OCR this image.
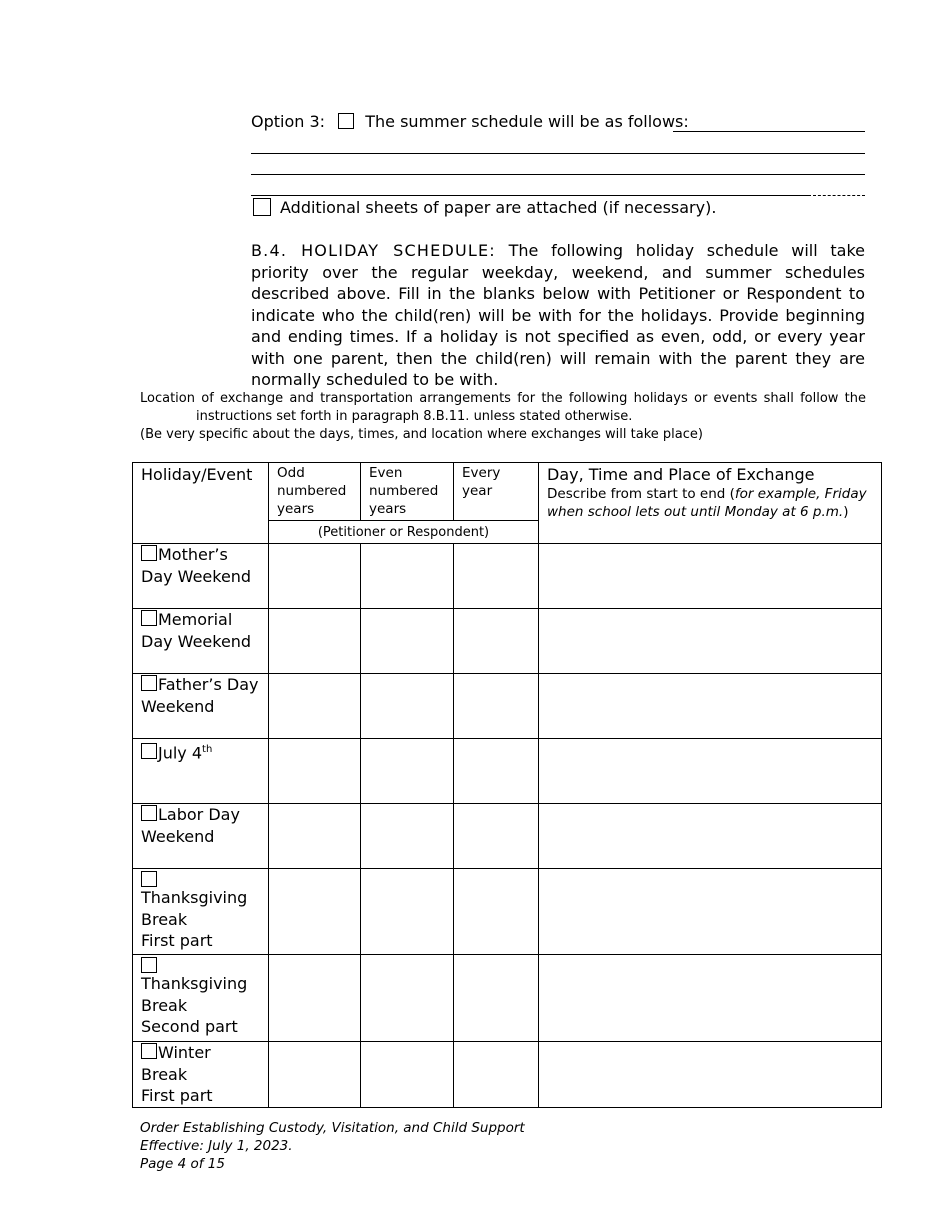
Option 3:	The summer schedule will be as follows:
Additional sheets of paper are attached (if necessary).
B.4. HOLIDAY SCHEDULE: The following holiday schedule will take priority over the regular weekday, weekend, and summer schedules described above. Fill in the blanks below with Petitioner or Respondent to indicate who the child(ren) will be with for the holidays. Provide beginning and ending times. If a holiday is not specified as even, odd, or every year with one parent, then the child(ren) will remain with the parent they are normally scheduled to be with.
Location of exchange and transportation arrangements for the following holidays or events shall follow the
instructions set forth in paragraph 8.B.11. unless stated otherwise.
(Be very specific about the days, times, and location where exchanges will take place)
Holiday/Event	Odd numbered years	Even numbered years	Every year	Day, Time and Place of Exchange
Describe from start to end (for example, Friday when school lets out until Monday at 6 p.m.)

	(Petitioner or Respondent)			
Mother’s Day Weekend				
Memorial Day Weekend				
Father’s Day Weekend				
July 4th				
Labor Day Weekend				

Thanksgiving Break
First part				

Thanksgiving Break
Second part				
Winter Break
First part				
Order Establishing Custody, Visitation, and Child Support
Effective: July 1, 2023.
Page 4 of 15
